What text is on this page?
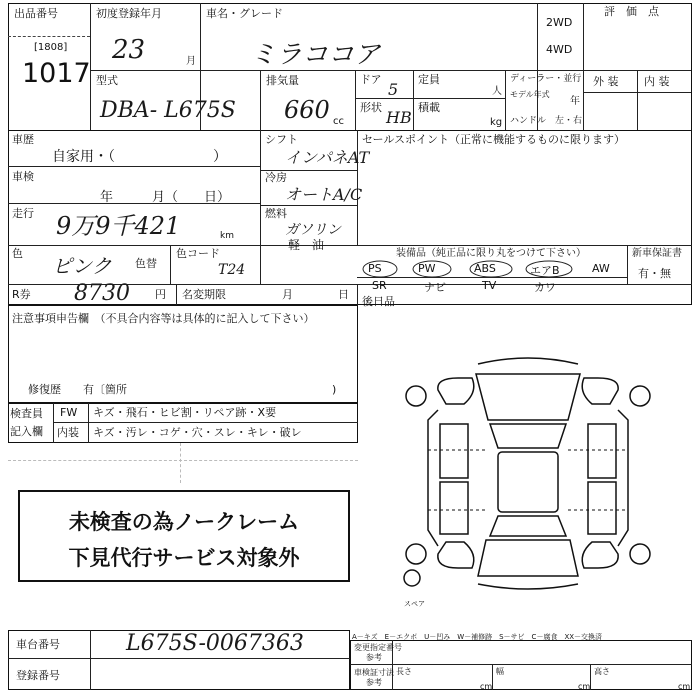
出品番号
[1808]
1017
初度登録年月
23	月
車名・グレード
ミラココア
2WD
4WD
評　価　点
型式
DBA- L675S
排気量
660 cc
ドア
5
形状
HB
定員
人
積載
kg
ディーラー・並行
モデル年式
年
ハンドル　左・右
外 装 内 装
車歴
自家用・（　　　　　　　）
シフト
インパネAT
車検
年　　　月（　　日）
冷房
オートA/C
走行 9万9千421	km
燃料
ガソリン
軽　油
色
ピンク 色替
色コード
T24
セールスポイント（正常に機能するものに限ります）
装備品（純正品に限り丸をつけて下さい）
PS	PW	ABS	エアB	AW
SR	ナビ	TV	カワ
新車保証書
有・無
後日品
R券 8730 円 名変期限	月	日
注意事項申告欄　（不具合内容等は具体的に記入して下さい）
修復歴　　有〔箇所	)
検査員
記入欄
FW キズ・飛石・ヒビ割・リペア跡・X要
内装 キズ・汚レ・コゲ・穴・スレ・キレ・破レ
未検査の為ノークレーム
下見代行サービス対象外
スペア
車台番号	L675S-0067363
登録番号
A－キズ　E－エクボ　U－凹み　W－補修跡　S－サビ　C－腐食　XX－交換済
変更指定番号
参考
車検証寸法
参考
長さ
cm
幅
cm
高さ
cm
